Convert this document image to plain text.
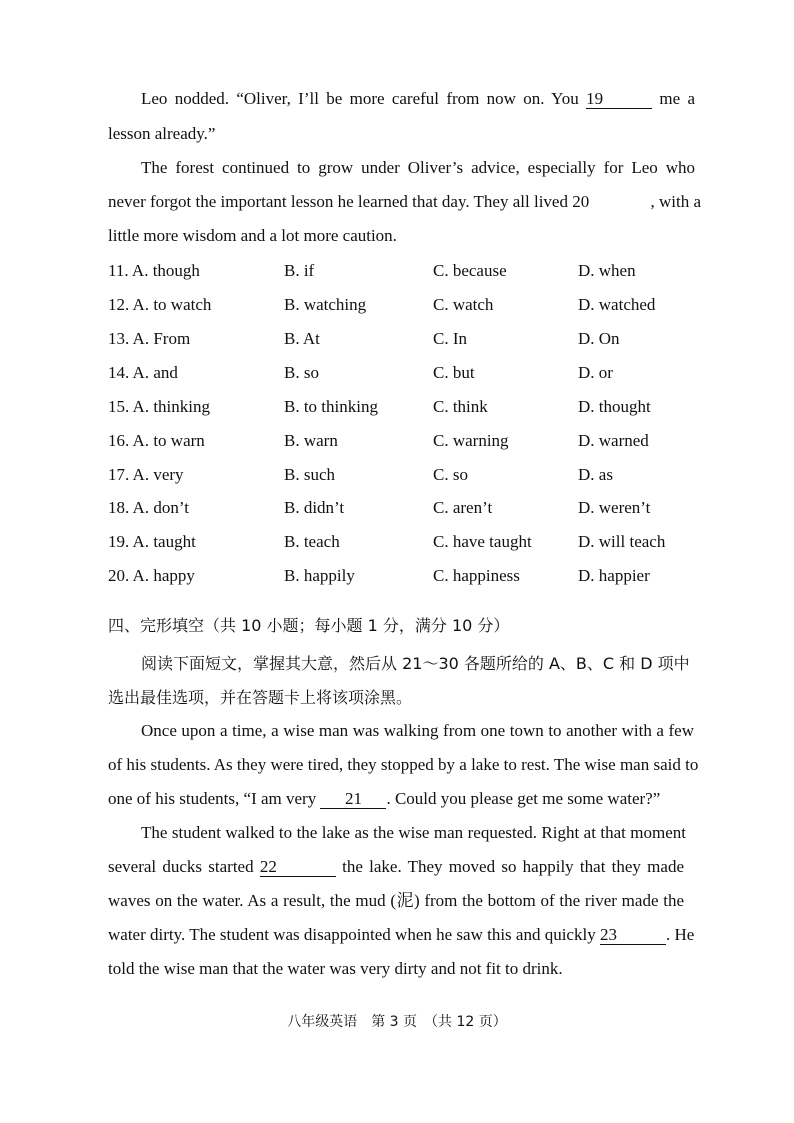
Leo nodded. “Oliver, I’ll be more careful from now on. You 19	me a
lesson already.”
The forest continued to grow under Oliver’s advice, especially for Leo who
never forgot the important lesson he learned that day. They all lived 20	, with a
little more wisdom and a lot more caution.
11. A. though	B. if	C. because	D. when
12. A. to watch	B. watching	C. watch	D. watched
13. A. From	B. At	C. In	D. On
14. A. and	B. so	C. but	D. or
15. A. thinking	B. to thinking	C. think	D. thought
16. A. to warn	B. warn	C. warning	D. warned
17. A. very	B. such	C. so	D. as
18. A. don’t	B. didn’t	C. aren’t	D. weren’t
19. A. taught	B. teach	C. have taught	D. will teach
20. A. happy	B. happily	C. happiness	D. happier
四、完形填空（共 10 小题；每小题 1 分，满分 10 分）
阅读下面短文，掌握其大意，然后从 21～30 各题所给的 A、B、C 和 D 项中
选出最佳选项，并在答题卡上将该项涂黑。
Once upon a time, a wise man was walking from one town to another with a few
of his students. As they were tired, they stopped by a lake to rest. The wise man said to
one of his students, “I am very 21 . Could you please get me some water?”
The student walked to the lake as the wise man requested. Right at that moment
several ducks started 22	the lake. They moved so happily that they made
waves on the water. As a result, the mud (泥) from the bottom of the river made the
water dirty. The student was disappointed when he saw this and quickly 23	. He
told the wise man that the water was very dirty and not fit to drink.
八年级英语　第 3 页　（共 12 页）
